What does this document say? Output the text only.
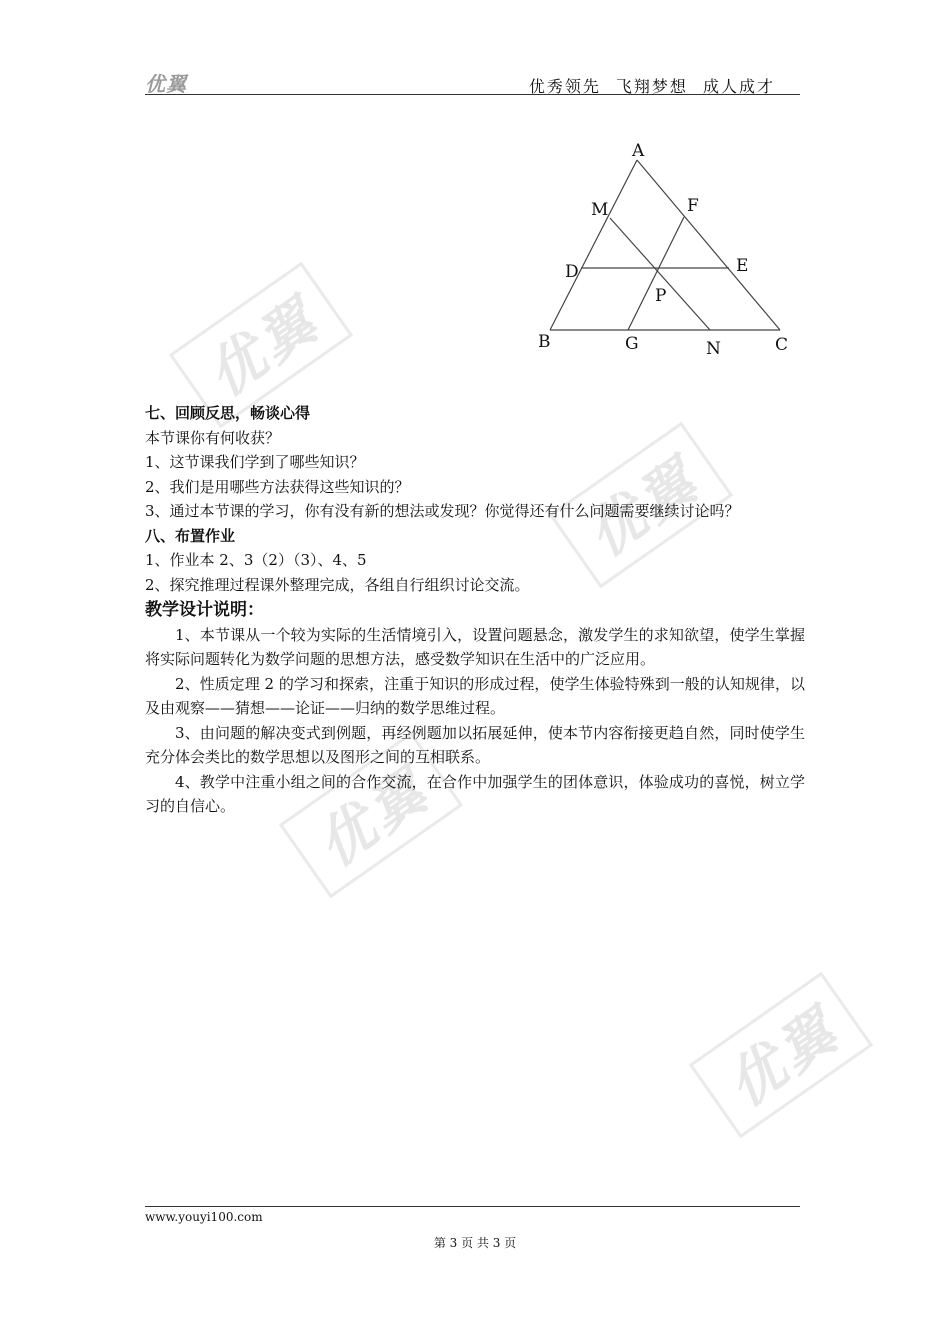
优翼	优秀领先 飞翔梦想 成人成才
优翼
优翼
优翼
优翼
A
M	F
D	E
P
B	G	N	C

七、回顾反思，畅谈心得

本节课你有何收获？

1、这节课我们学到了哪些知识？

2、我们是用哪些方法获得这些知识的？

3、通过本节课的学习，你有没有新的想法或发现？你觉得还有什么问题需要继续讨论吗？

八、布置作业

1、作业本 2、3（2）（3）、4、5

2、探究推理过程课外整理完成，各组自行组织讨论交流。

教学设计说明：

1、本节课从一个较为实际的生活情境引入，设置问题悬念，激发学生的求知欲望，使学生掌握将实际问题转化为数学问题的思想方法，感受数学知识在生活中的广泛应用。

2、性质定理 2 的学习和探索，注重于知识的形成过程，使学生体验特殊到一般的认知规律，以及由观察——猜想——论证——归纳的数学思维过程。

3、由问题的解决变式到例题，再经例题加以拓展延伸，使本节内容衔接更趋自然，同时使学生充分体会类比的数学思想以及图形之间的互相联系。

4、教学中注重小组之间的合作交流，在合作中加强学生的团体意识，体验成功的喜悦，树立学习的自信心。

www.youyi100.com
第 3 页 共 3 页
